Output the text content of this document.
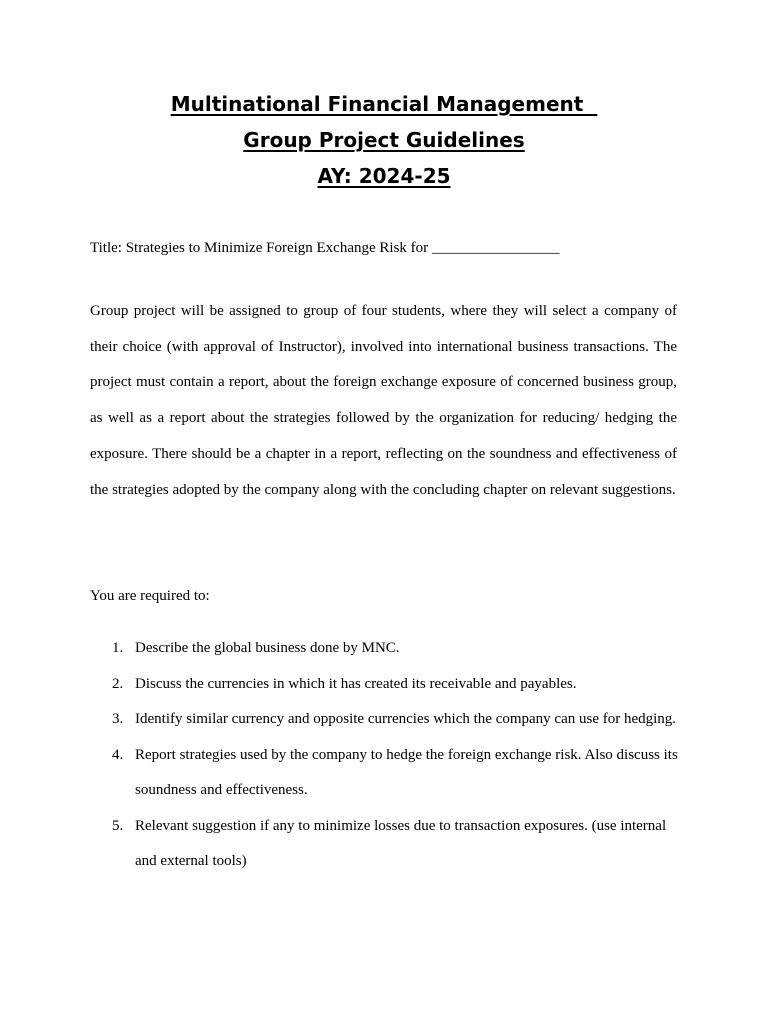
Multinational Financial Management
Group Project Guidelines
AY: 2024-25

Title: Strategies to Minimize Foreign Exchange Risk for _________________

Group project will be assigned to group of four students, where they will select a company of their choice (with approval of Instructor), involved into international business transactions. The project must contain a report, about the foreign exchange exposure of concerned business group, as well as a report about the strategies followed by the organization for reducing/ hedging the exposure. There should be a chapter in a report, reflecting on the soundness and effectiveness of the strategies adopted by the company along with the concluding chapter on relevant suggestions.

You are required to:

1. Describe the global business done by MNC.
2. Discuss the currencies in which it has created its receivable and payables.
3. Identify similar currency and opposite currencies which the company can use for hedging.
4. Report strategies used by the company to hedge the foreign exchange risk. Also discuss its soundness and effectiveness.
5. Relevant suggestion if any to minimize losses due to transaction exposures. (use internal and external tools)
